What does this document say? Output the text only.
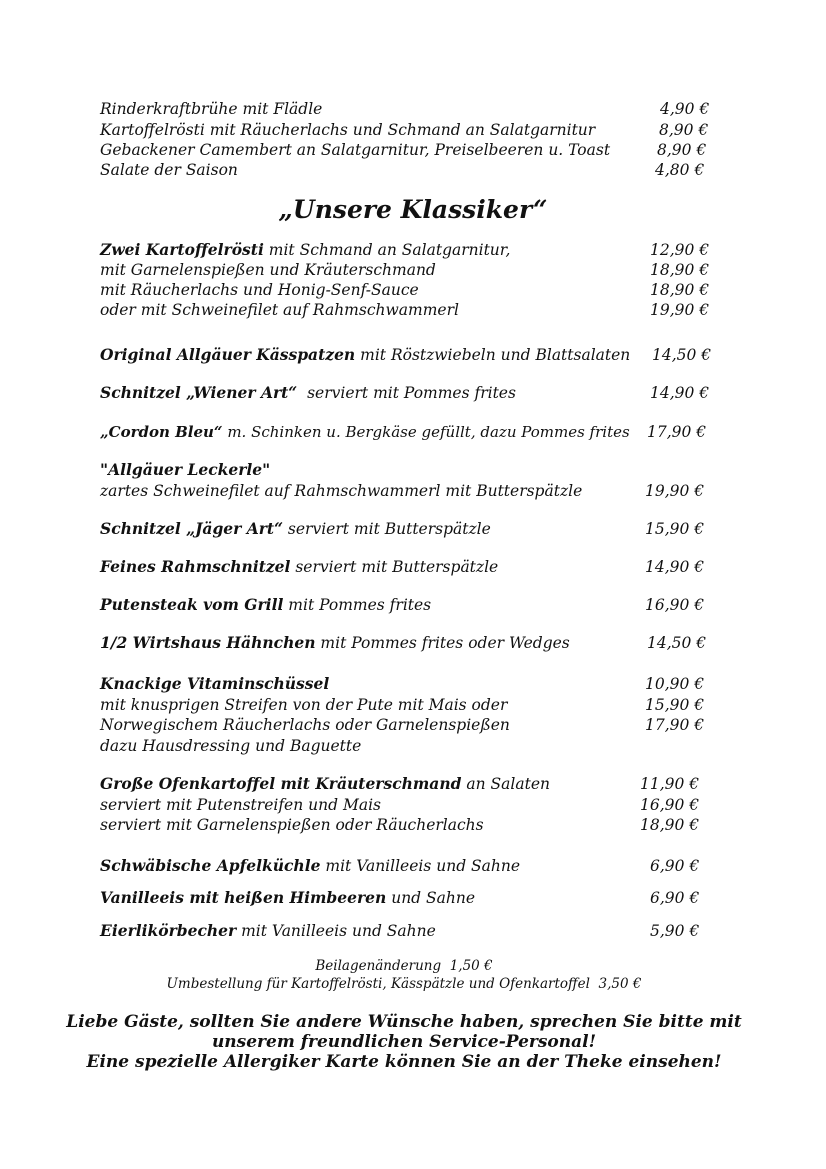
Rinderkraftbrühe mit Flädle	4,90 €
Kartoffelrösti mit Räucherlachs und Schmand an Salatgarnitur	8,90 €
Gebackener Camembert an Salatgarnitur, Preiselbeeren u. Toast	8,90 €
Salate der Saison	4,80 €
„Unsere Klassiker“
Zwei Kartoffelrösti mit Schmand an Salatgarnitur,	12,90 €
mit Garnelenspießen und Kräuterschmand	18,90 €
mit Räucherlachs und Honig-Senf-Sauce	18,90 €
oder mit Schweinefilet auf Rahmschwammerl	19,90 €
Original Allgäuer Kässpatzen mit Röstzwiebeln und Blattsalaten 14,50 €
Schnitzel „Wiener Art“  serviert mit Pommes frites	14,90 €
„Cordon Bleu“ m. Schinken u. Bergkäse gefüllt, dazu Pommes frites 17,90 €
"Allgäuer Leckerle"
zartes Schweinefilet auf Rahmschwammerl mit Butterspätzle	19,90 €
Schnitzel „Jäger Art“ serviert mit Butterspätzle	15,90 €
Feines Rahmschnitzel serviert mit Butterspätzle	14,90 €
Putensteak vom Grill mit Pommes frites	16,90 €
1/2 Wirtshaus Hähnchen mit Pommes frites oder Wedges	14,50 €
Knackige Vitaminschüssel	10,90 €
mit knusprigen Streifen von der Pute mit Mais oder	15,90 €
Norwegischem Räucherlachs oder Garnelenspießen	17,90 €
dazu Hausdressing und Baguette
Große Ofenkartoffel mit Kräuterschmand an Salaten	11,90 €
serviert mit Putenstreifen und Mais	16,90 €
serviert mit Garnelenspießen oder Räucherlachs	18,90 €
Schwäbische Apfelküchle mit Vanilleeis und Sahne	6,90 €
Vanilleeis mit heißen Himbeeren und Sahne	6,90 €
Eierlikörbecher mit Vanilleeis und Sahne	5,90 €
Beilagenänderung  1,50 €
Umbestellung für Kartoffelrösti, Kässpätzle und Ofenkartoffel  3,50 €
Liebe Gäste, sollten Sie andere Wünsche haben, sprechen Sie bitte mit
unserem freundlichen Service-Personal!
Eine spezielle Allergiker Karte können Sie an der Theke einsehen!
